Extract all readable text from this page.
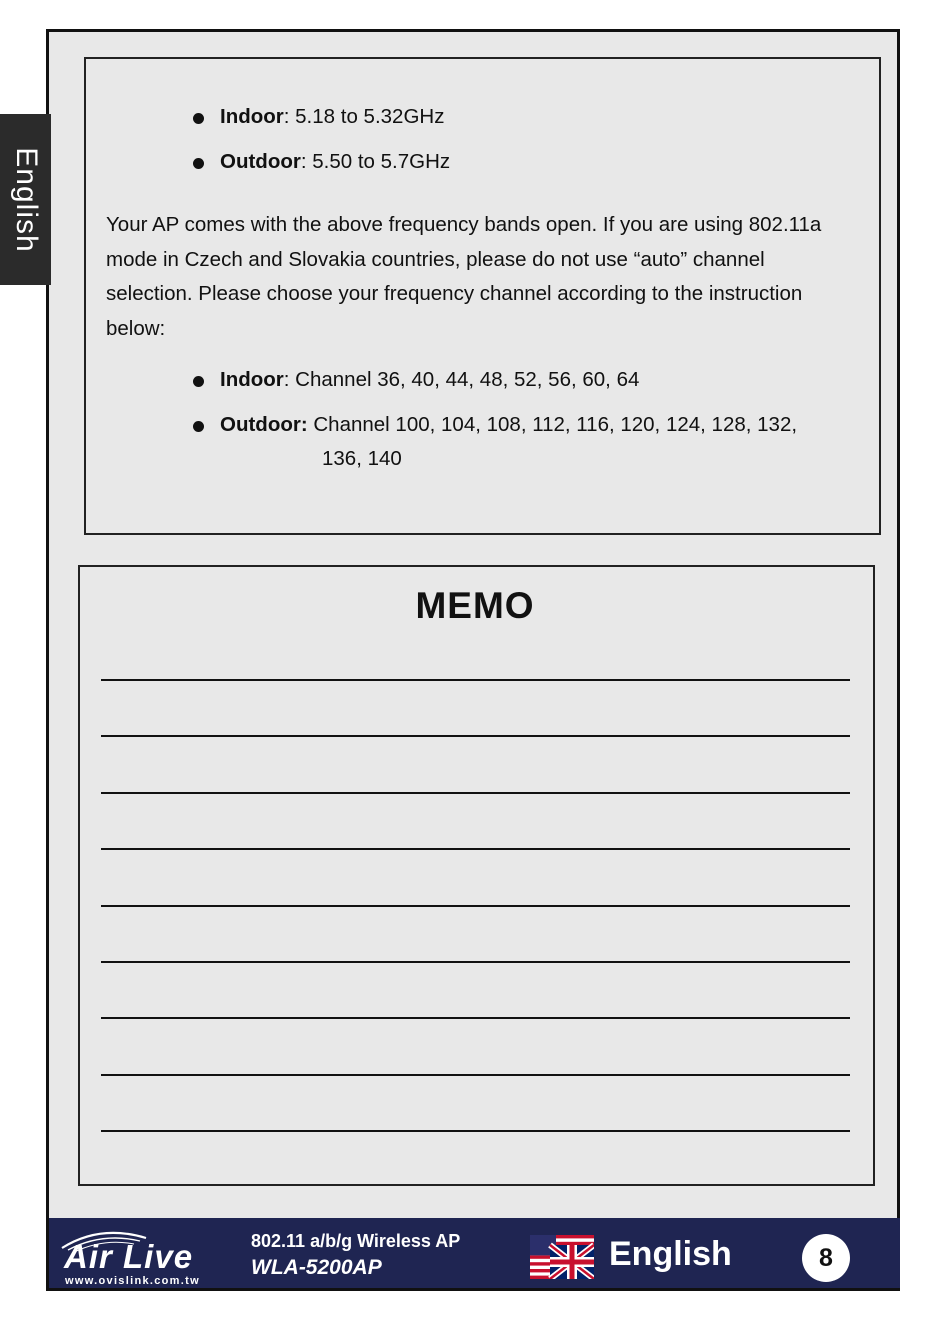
English
Indoor: 5.18 to 5.32GHz
Outdoor: 5.50 to 5.7GHz
Your AP comes with the above frequency bands open. If you are using 802.11a mode in Czech and Slovakia countries, please do not use “auto” channel selection. Please choose your frequency channel according to the instruction below:
Indoor: Channel 36, 40, 44, 48, 52, 56, 60, 64
Outdoor: Channel 100, 104, 108, 112, 116, 120, 124, 128, 132,
136, 140
MEMO
Air Live
www.ovislink.com.tw
802.11 a/b/g Wireless AP
WLA-5200AP	English	8
